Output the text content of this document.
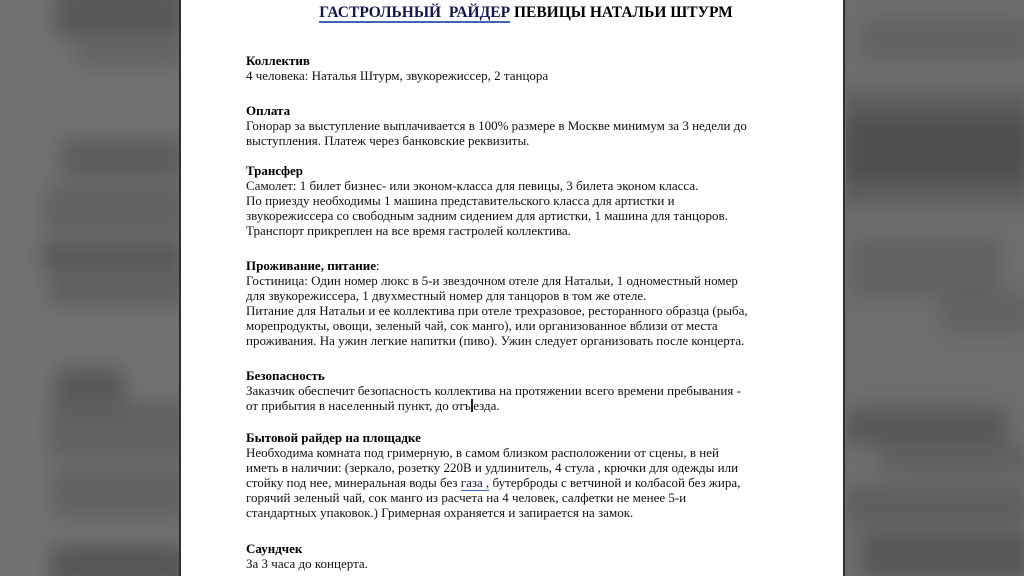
ГАСТРОЛЬНЫЙ  РАЙДЕР ПЕВИЦЫ НАТАЛЬИ ШТУРМ
Коллектив
4 человека: Наталья Штурм, звукорежиссер, 2 танцора
Оплата
Гонорар за выступление выплачивается в 100% размере в Москве минимум за 3 недели до
выступления. Платеж через банковские реквизиты.
Трансфер
Самолет: 1 билет бизнес- или эконом-класса для певицы, 3 билета эконом класса.
По приезду необходимы 1 машина представительского класса для артистки и
звукорежиссера со свободным задним сидением для артистки, 1 машина для танцоров.
Транспорт прикреплен на все время гастролей коллектива.
Проживание, питание:
Гостиница: Один номер люкс в 5-и звездочном отеле для Натальи, 1 одноместный номер
для звукорежиссера, 1 двухместный номер для танцоров в том же отеле.
Питание для Натальи и ее коллектива при отеле трехразовое, ресторанного образца (рыба,
морепродукты, овощи, зеленый чай, сок манго), или организованное вблизи от места
проживания. На ужин легкие напитки (пиво). Ужин следует организовать после концерта.
Безопасность
Заказчик обеспечит безопасность коллектива на протяжении всего времени пребывания -
от прибытия в населенный пункт, до отъ езда.
Бытовой райдер на площадке
Необходима комната под гримерную, в самом близком расположении от сцены, в ней
иметь в наличии: (зеркало, розетку 220В и удлинитель, 4 стула , крючки для одежды или
стойку под нее, минеральная воды без газа , бутерброды с ветчиной и колбасой без жира,
горячий зеленый чай, сок манго из расчета на 4 человек, салфетки не менее 5-и
стандартных упаковок.) Гримерная охраняется и запирается на замок.
Саундчек
За 3 часа до концерта.
